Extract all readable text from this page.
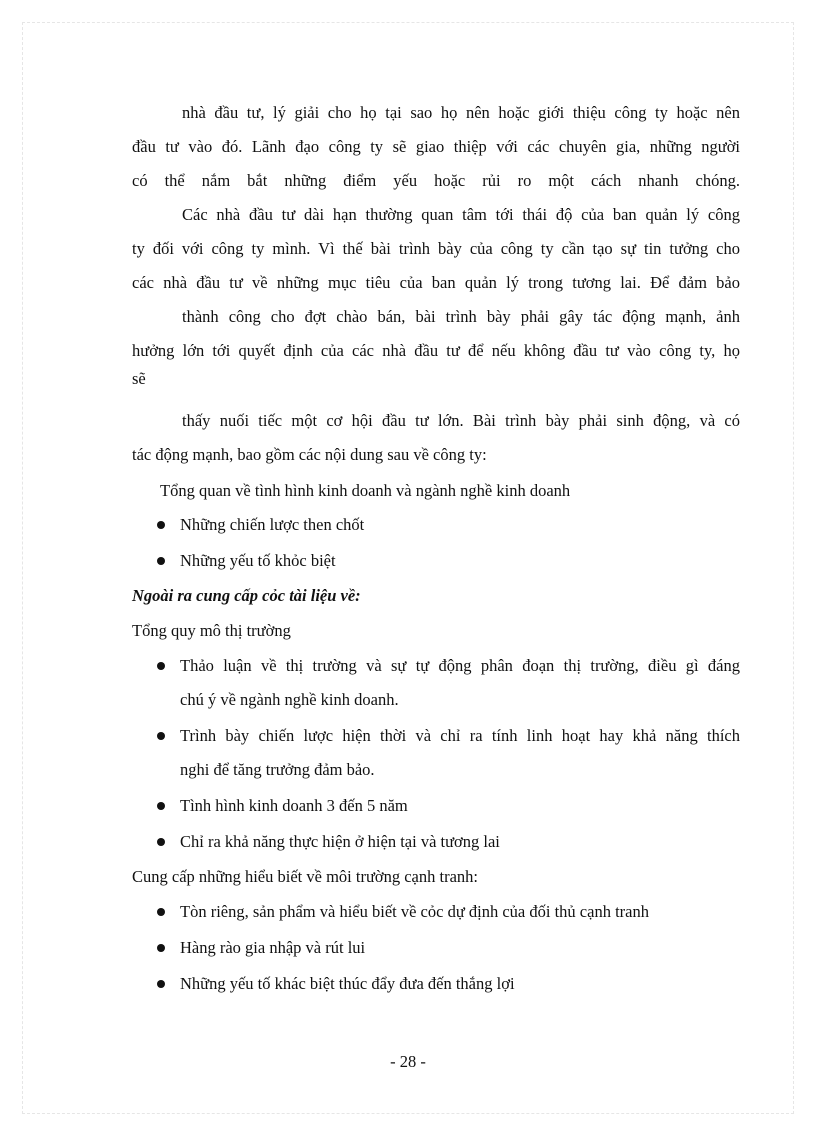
nhà đầu tư, lý giải cho họ tại sao họ nên hoặc giới thiệu công ty hoặc nên
đầu tư vào đó. Lãnh đạo công ty sẽ giao thiệp với các chuyên gia, những người
có thể nắm bắt những điểm yếu hoặc rủi ro một cách nhanh chóng.
Các nhà đầu tư dài hạn thường quan tâm tới thái độ của ban quản lý công
ty đối với công ty mình. Vì thế bài trình bày của công ty cần tạo sự tin tưởng cho
các nhà đầu tư về những mục tiêu của ban quản lý trong tương lai. Để đảm bảo
thành công cho đợt chào bán, bài trình bày phải gây tác động mạnh, ảnh
hưởng lớn tới quyết định của các nhà đầu tư để nếu không đầu tư vào công ty, họ
sẽ
thấy nuối tiếc một cơ hội đầu tư lớn. Bài trình bày phải sinh động, và có
tác động mạnh, bao gồm các nội dung sau về công ty:
Tổng quan về tình hình kinh doanh và ngành nghề kinh doanh
Những chiến lược then chốt
Những yếu tố khỏc biệt
Ngoài ra cung cấp cỏc tài liệu về:
Tổng quy mô thị trường
Thảo luận về thị trường và sự tự động phân đoạn thị trường, điều gì đáng
chú ý về ngành nghề kinh doanh.
Trình bày chiến lược hiện thời và chỉ ra tính linh hoạt hay khả năng thích
nghi để tăng trưởng đảm bảo.
Tình hình kinh doanh 3 đến 5 năm
Chỉ ra khả năng thực hiện ở hiện tại và tương lai
Cung cấp những hiểu biết về môi trường cạnh tranh:
Tòn riêng, sản phẩm và hiểu biết về cỏc dự định của đối thủ cạnh tranh
Hàng rào gia nhập và rút lui
Những yếu tố khác biệt thúc đẩy đưa đến thắng lợi
- 28 -
